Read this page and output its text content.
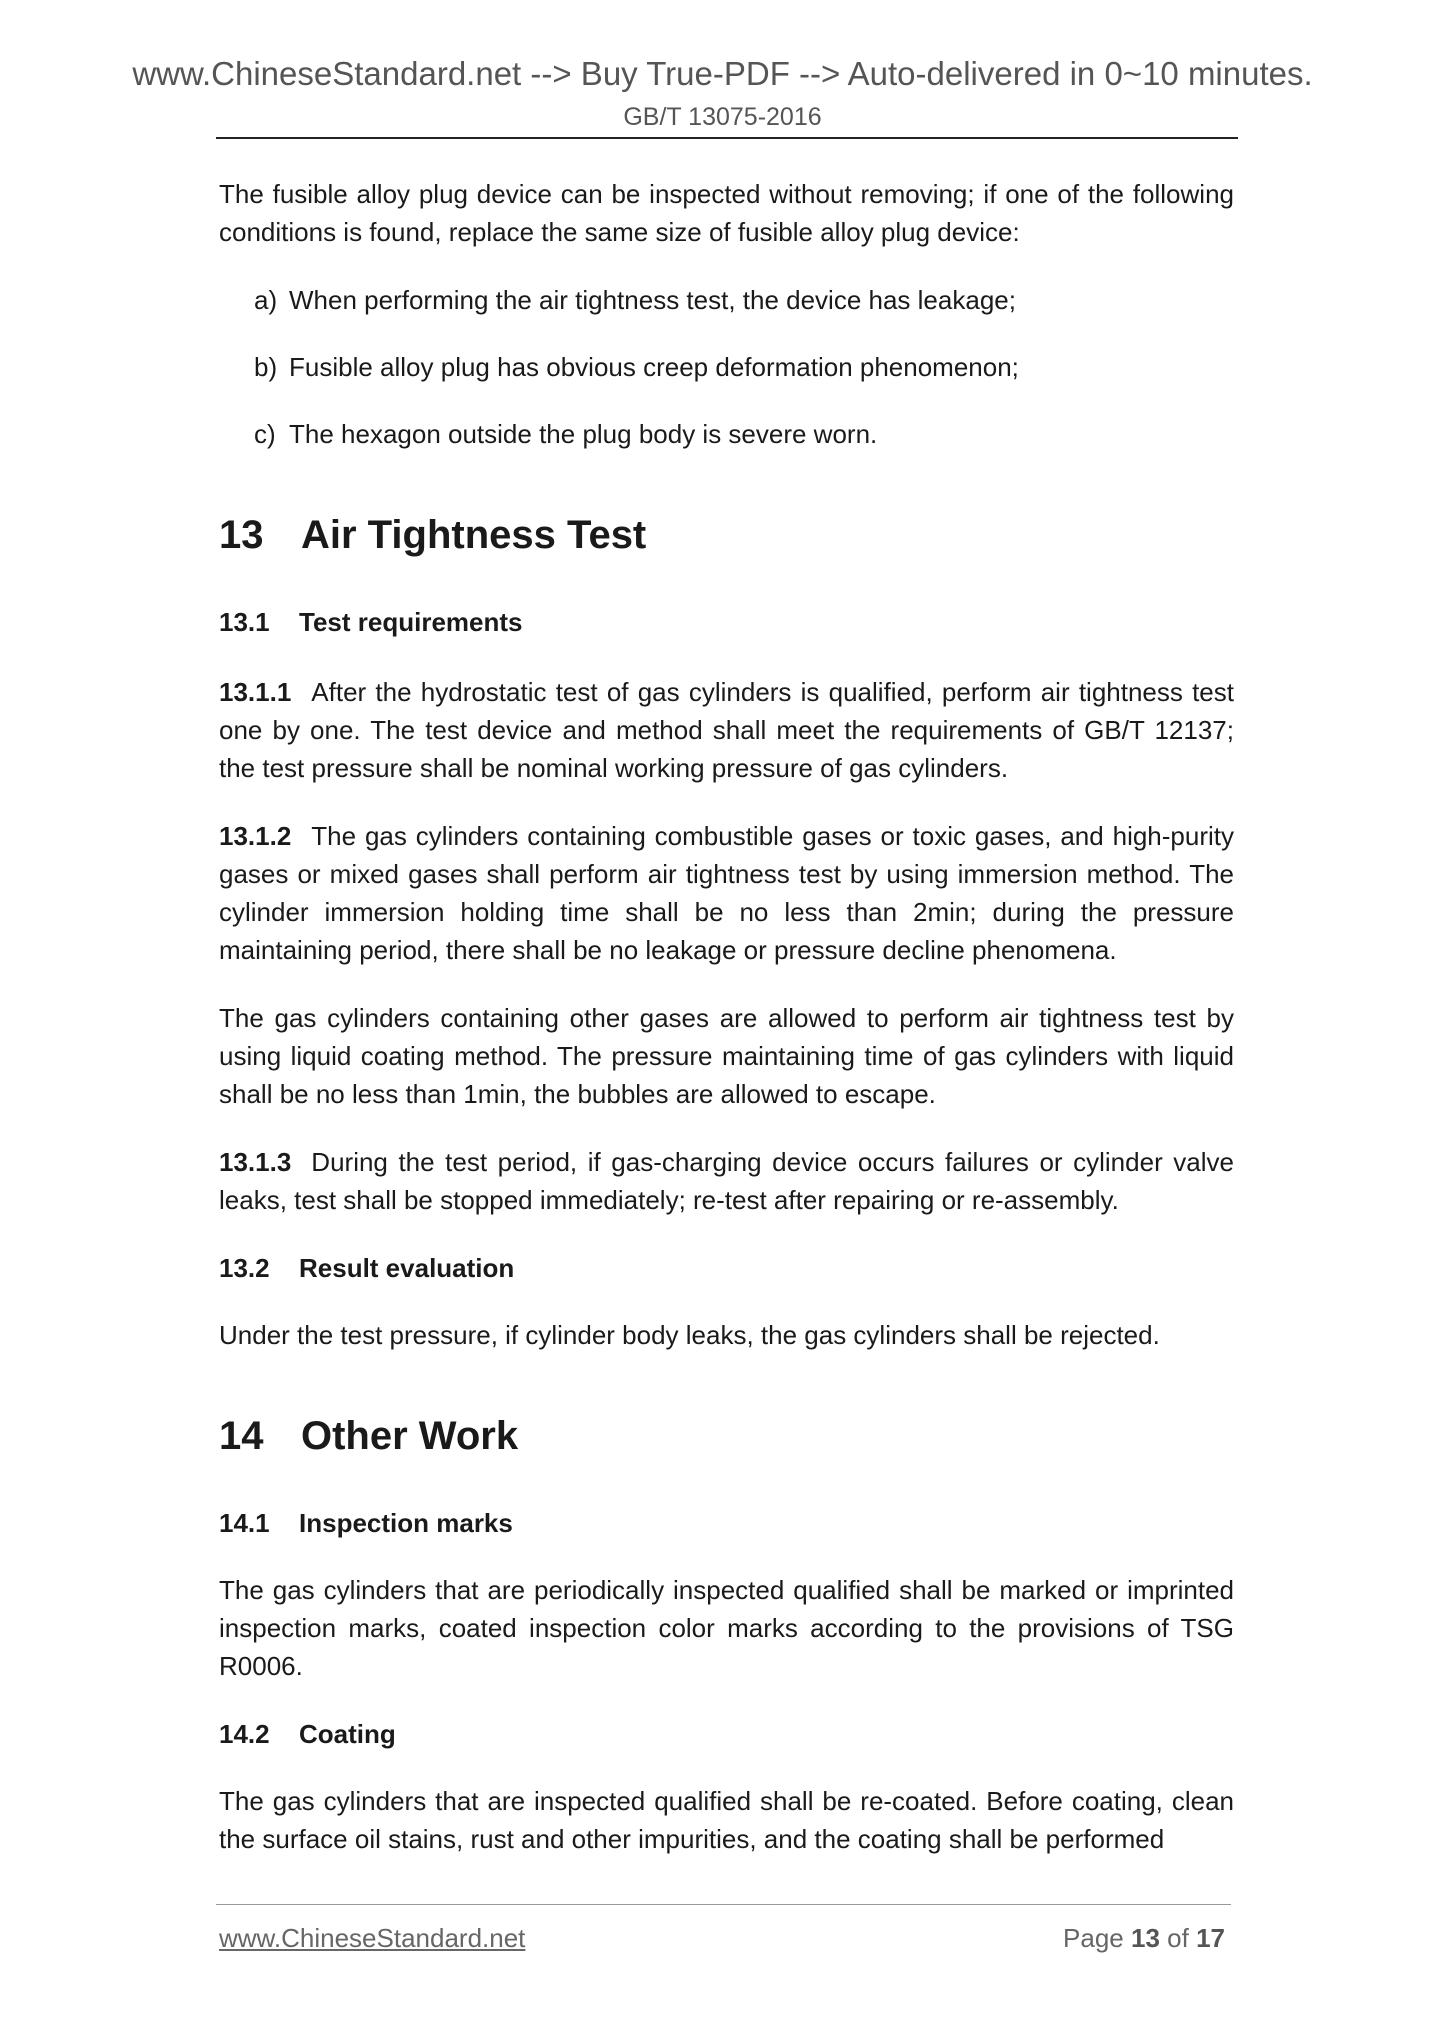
www.ChineseStandard.net --> Buy True-PDF --> Auto-delivered in 0~10 minutes.
GB/T 13075-2016
The fusible alloy plug device can be inspected without removing; if one of the following conditions is found, replace the same size of fusible alloy plug device:
a) When performing the air tightness test, the device has leakage;
b) Fusible alloy plug has obvious creep deformation phenomenon;
c) The hexagon outside the plug body is severe worn.
13 Air Tightness Test
13.1 Test requirements
13.1.1 After the hydrostatic test of gas cylinders is qualified, perform air tightness test one by one. The test device and method shall meet the requirements of GB/T 12137; the test pressure shall be nominal working pressure of gas cylinders.
13.1.2 The gas cylinders containing combustible gases or toxic gases, and high-purity gases or mixed gases shall perform air tightness test by using immersion method. The cylinder immersion holding time shall be no less than 2min; during the pressure maintaining period, there shall be no leakage or pressure decline phenomena.
The gas cylinders containing other gases are allowed to perform air tightness test by using liquid coating method. The pressure maintaining time of gas cylinders with liquid shall be no less than 1min, the bubbles are allowed to escape.
13.1.3 During the test period, if gas-charging device occurs failures or cylinder valve leaks, test shall be stopped immediately; re-test after repairing or re-assembly.
13.2 Result evaluation
Under the test pressure, if cylinder body leaks, the gas cylinders shall be rejected.
14 Other Work
14.1 Inspection marks
The gas cylinders that are periodically inspected qualified shall be marked or imprinted inspection marks, coated inspection color marks according to the provisions of TSG R0006.
14.2 Coating
The gas cylinders that are inspected qualified shall be re-coated. Before coating, clean the surface oil stains, rust and other impurities, and the coating shall be performed
www.ChineseStandard.net	Page 13 of 17
